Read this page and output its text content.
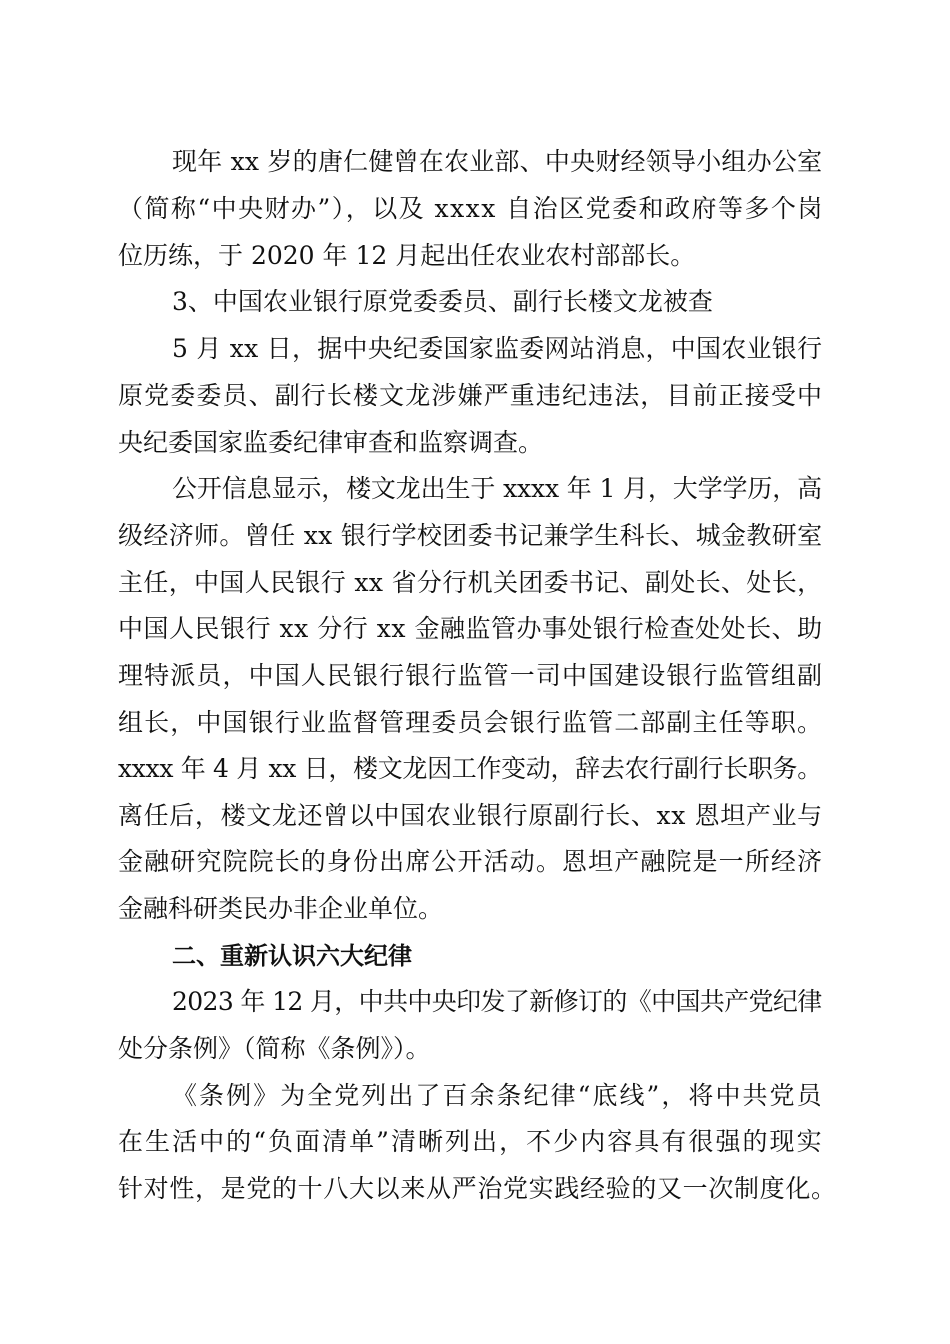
现年 xx 岁的唐仁健曾在农业部、中央财经领导小组办公室
（简称“中央财办”），以及 xxxx 自治区党委和政府等多个岗
位历练，于 2020 年 12 月起出任农业农村部部长。
3、中国农业银行原党委委员、副行长楼文龙被查
5 月 xx 日，据中央纪委国家监委网站消息，中国农业银行
原党委委员、副行长楼文龙涉嫌严重违纪违法，目前正接受中
央纪委国家监委纪律审查和监察调查。
公开信息显示，楼文龙出生于 xxxx 年 1 月，大学学历，高
级经济师。曾任 xx 银行学校团委书记兼学生科长、城金教研室
主任，中国人民银行 xx 省分行机关团委书记、副处长、处长，
中国人民银行 xx 分行 xx 金融监管办事处银行检查处处长、助
理特派员，中国人民银行银行监管一司中国建设银行监管组副
组长，中国银行业监督管理委员会银行监管二部副主任等职。
xxxx 年 4 月 xx 日，楼文龙因工作变动，辞去农行副行长职务。
离任后，楼文龙还曾以中国农业银行原副行长、xx 恩坦产业与
金融研究院院长的身份出席公开活动。恩坦产融院是一所经济
金融科研类民办非企业单位。
二、重新认识六大纪律
2023 年 12 月，中共中央印发了新修订的《中国共产党纪律
处分条例》（简称《条例》）。
《条例》为全党列出了百余条纪律“底线”，将中共党员
在生活中的“负面清单”清晰列出，不少内容具有很强的现实
针对性，是党的十八大以来从严治党实践经验的又一次制度化。
